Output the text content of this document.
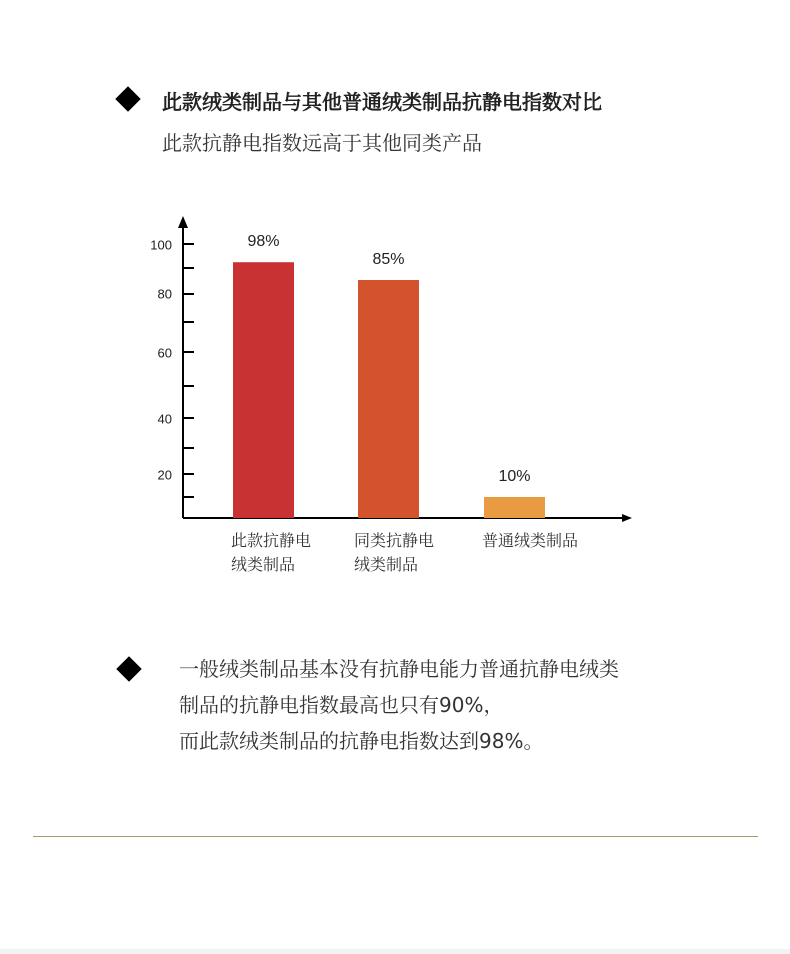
此款绒类制品与其他普通绒类制品抗静电指数对比
此款抗静电指数远高于其他同类产品
20
40
60
80
100	98%
85%
10%
此款抗静电
绒类制品
同类抗静电
绒类制品
普通绒类制品
一般绒类制品基本没有抗静电能力普通抗静电绒类
制品的抗静电指数最高也只有90%，
而此款绒类制品的抗静电指数达到98%。
